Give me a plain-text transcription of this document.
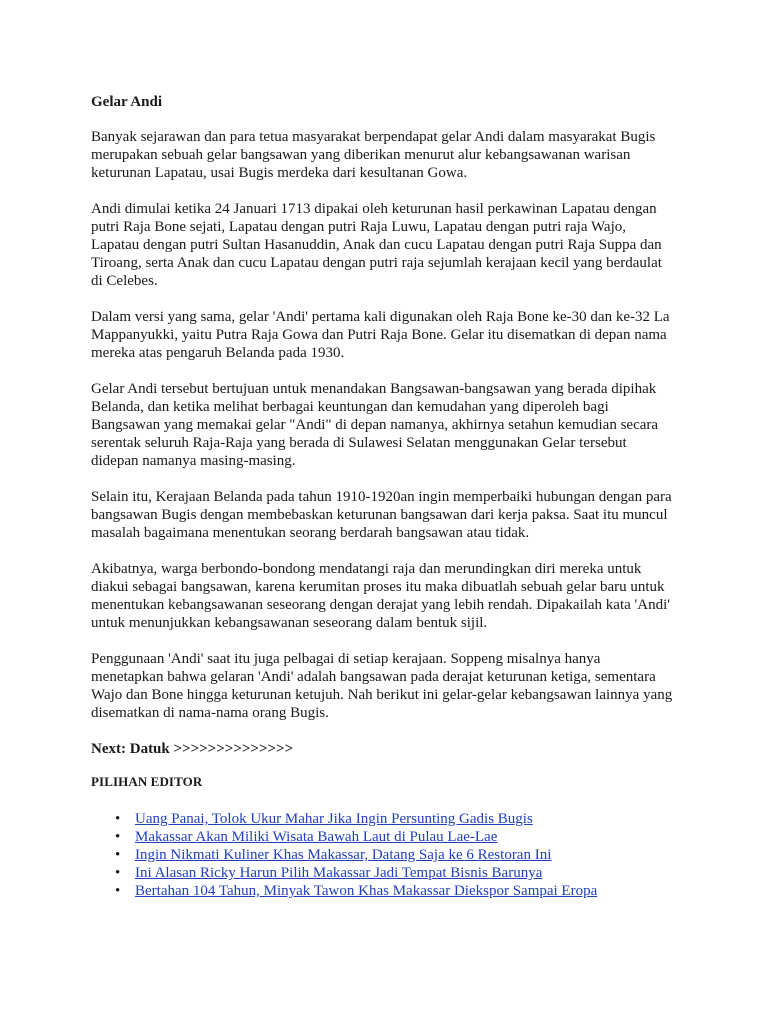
Gelar Andi

Banyak sejarawan dan para tetua masyarakat berpendapat gelar Andi dalam masyarakat Bugis
merupakan sebuah gelar bangsawan yang diberikan menurut alur kebangsawanan warisan
keturunan Lapatau, usai Bugis merdeka dari kesultanan Gowa.

Andi dimulai ketika 24 Januari 1713 dipakai oleh keturunan hasil perkawinan Lapatau dengan
putri Raja Bone sejati, Lapatau dengan putri Raja Luwu, Lapatau dengan putri raja Wajo,
Lapatau dengan putri Sultan Hasanuddin, Anak dan cucu Lapatau dengan putri Raja Suppa dan
Tiroang, serta Anak dan cucu Lapatau dengan putri raja sejumlah kerajaan kecil yang berdaulat
di Celebes.

Dalam versi yang sama, gelar 'Andi' pertama kali digunakan oleh Raja Bone ke-30 dan ke-32 La
Mappanyukki, yaitu Putra Raja Gowa dan Putri Raja Bone. Gelar itu disematkan di depan nama
mereka atas pengaruh Belanda pada 1930.

Gelar Andi tersebut bertujuan untuk menandakan Bangsawan-bangsawan yang berada dipihak
Belanda, dan ketika melihat berbagai keuntungan dan kemudahan yang diperoleh bagi
Bangsawan yang memakai gelar "Andi" di depan namanya, akhirnya setahun kemudian secara
serentak seluruh Raja-Raja yang berada di Sulawesi Selatan menggunakan Gelar tersebut
didepan namanya masing-masing.

Selain itu, Kerajaan Belanda pada tahun 1910-1920an ingin memperbaiki hubungan dengan para
bangsawan Bugis dengan membebaskan keturunan bangsawan dari kerja paksa. Saat itu muncul
masalah bagaimana menentukan seorang berdarah bangsawan atau tidak.

Akibatnya, warga berbondo-bondong mendatangi raja dan merundingkan diri mereka untuk
diakui sebagai bangsawan, karena kerumitan proses itu maka dibuatlah sebuah gelar baru untuk
menentukan kebangsawanan seseorang dengan derajat yang lebih rendah. Dipakailah kata 'Andi'
untuk menunjukkan kebangsawanan seseorang dalam bentuk sijil.

Penggunaan 'Andi' saat itu juga pelbagai di setiap kerajaan. Soppeng misalnya hanya
menetapkan bahwa gelaran 'Andi' adalah bangsawan pada derajat keturunan ketiga, sementara
Wajo dan Bone hingga keturunan ketujuh. Nah berikut ini gelar-gelar kebangsawan lainnya yang
disematkan di nama-nama orang Bugis.

Next: Datuk >>>>>>>>>>>>>>
PILIHAN EDITOR
• Uang Panai, Tolok Ukur Mahar Jika Ingin Persunting Gadis Bugis
• Makassar Akan Miliki Wisata Bawah Laut di Pulau Lae-Lae
• Ingin Nikmati Kuliner Khas Makassar, Datang Saja ke 6 Restoran Ini
• Ini Alasan Ricky Harun Pilih Makassar Jadi Tempat Bisnis Barunya
• Bertahan 104 Tahun, Minyak Tawon Khas Makassar Diekspor Sampai Eropa
